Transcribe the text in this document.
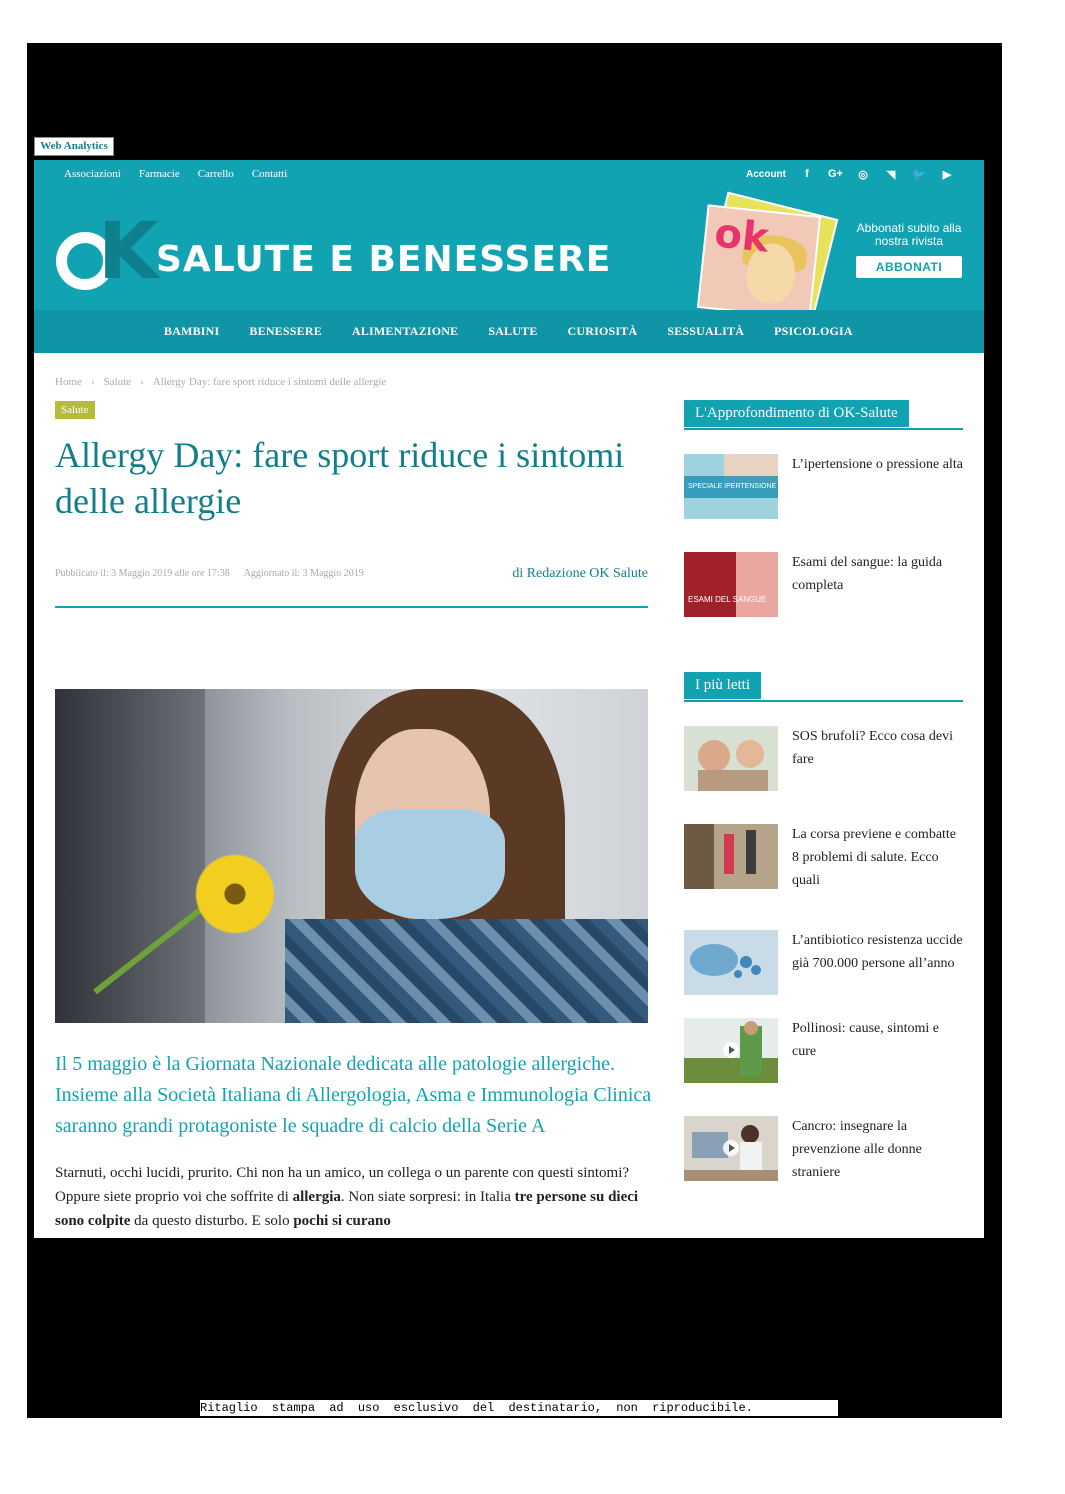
Web Analytics
Associazioni Farmacie Carrello Contatti	Account	f	G+ ◎ ◥ 🐦 ▶
K
SALUTE E BENESSERE	ok	Abbonati subito alla nostra rivista
ABBONATI
BAMBINI	BENESSERE	ALIMENTAZIONE	SALUTE	CURIOSITÀ	SESSUALITÀ	PSICOLOGIA
Home › Salute › Allergy Day: fare sport riduce i sintomi delle allergie
Salute
Allergy Day: fare sport riduce i sintomi delle allergie
Pubblicato il: 3 Maggio 2019 alle ore 17:38 Aggiornato il: 3 Maggio 2019	di Redazione OK Salute

Il 5 maggio è la Giornata Nazionale dedicata alle patologie allergiche. Insieme alla Società Italiana di Allergologia, Asma e Immunologia Clinica saranno grandi protagoniste le squadre di calcio della Serie A

Starnuti, occhi lucidi, prurito. Chi non ha un amico, un collega o un parente con questi sintomi? Oppure siete proprio voi che soffrite di allergia. Non siate sorpresi: in Italia tre persone su dieci sono colpite da questo disturbo. E solo pochi si curano

L'Approfondimento di OK-Salute
SPECIALE IPERTENSIONE

L’ipertensione o pressione alta

ESAMI DEL SANGUE

Esami del sangue: la guida completa

I più letti

SOS brufoli? Ecco cosa devi fare

La corsa previene e combatte 8 problemi di salute. Ecco quali

L’antibiotico resistenza uccide già 700.000 persone all’anno

Pollinosi: cause, sintomi e cure

Cancro: insegnare la prevenzione alle donne straniere

Ritaglio stampa ad uso esclusivo del destinatario, non riproducibile.
